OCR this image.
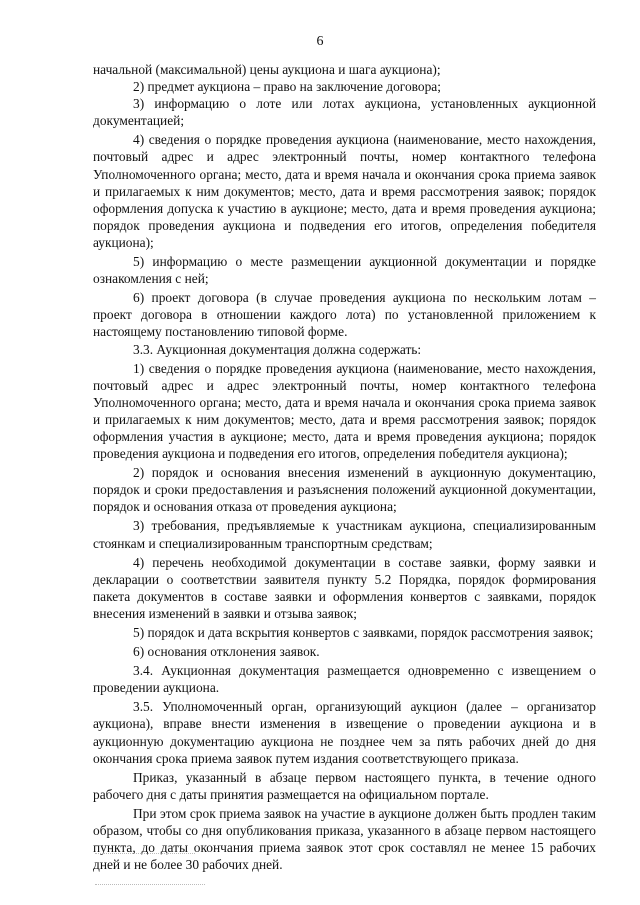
6

начальной (максимальной) цены аукциона и шага аукциона);

2) предмет аукциона – право на заключение договора;

3) информацию о лоте или лотах аукциона, установленных аукционной документацией;

4) сведения о порядке проведения аукциона (наименование, место нахождения, почтовый адрес и адрес электронный почты, номер контактного телефона Уполномоченного органа; место, дата и время начала и окончания срока приема заявок и прилагаемых к ним документов; место, дата и время рассмотрения заявок; порядок оформления допуска к участию в аукционе; место, дата и время проведения аукциона; порядок проведения аукциона и подведения его итогов, определения победителя аукциона);

5) информацию о месте размещении аукционной документации и порядке ознакомления с ней;

6) проект договора (в случае проведения аукциона по нескольким лотам – проект договора в отношении каждого лота) по установленной приложением к настоящему постановлению типовой форме.

3.3. Аукционная документация должна содержать:

1) сведения о порядке проведения аукциона (наименование, место нахождения, почтовый адрес и адрес электронный почты, номер контактного телефона Уполномоченного органа; место, дата и время начала и окончания срока приема заявок и прилагаемых к ним документов; место, дата и время рассмотрения заявок; порядок оформления участия в аукционе; место, дата и время проведения аукциона; порядок проведения аукциона и подведения его итогов, определения победителя аукциона);

2) порядок и основания внесения изменений в аукционную документацию, порядок и сроки предоставления и разъяснения положений аукционной документации, порядок и основания отказа от проведения аукциона;

3) требования, предъявляемые к участникам аукциона, специализированным стоянкам и специализированным транспортным средствам;

4) перечень необходимой документации в составе заявки, форму заявки и декларации о соответствии заявителя пункту 5.2 Порядка, порядок формирования пакета документов в составе заявки и оформления конвертов с заявками, порядок внесения изменений в заявки и отзыва заявок;

5) порядок и дата вскрытия конвертов с заявками, порядок рассмотрения заявок;

6) основания отклонения заявок.

3.4. Аукционная документация размещается одновременно с извещением о проведении аукциона.

3.5. Уполномоченный орган, организующий аукцион (далее – организатор аукциона), вправе внести изменения в извещение о проведении аукциона и в аукционную документацию аукциона не позднее чем за пять рабочих дней до дня окончания срока приема заявок путем издания соответствующего приказа.

Приказ, указанный в абзаце первом настоящего пункта, в течение одного рабочего дня с даты принятия размещается на официальном портале.

При этом срок приема заявок на участие в аукционе должен быть продлен таким образом, чтобы со дня опубликования приказа, указанного в абзаце первом настоящего пункта, до даты окончания приема заявок этот срок составлял не менее 15 рабочих дней и не более 30 рабочих дней.
